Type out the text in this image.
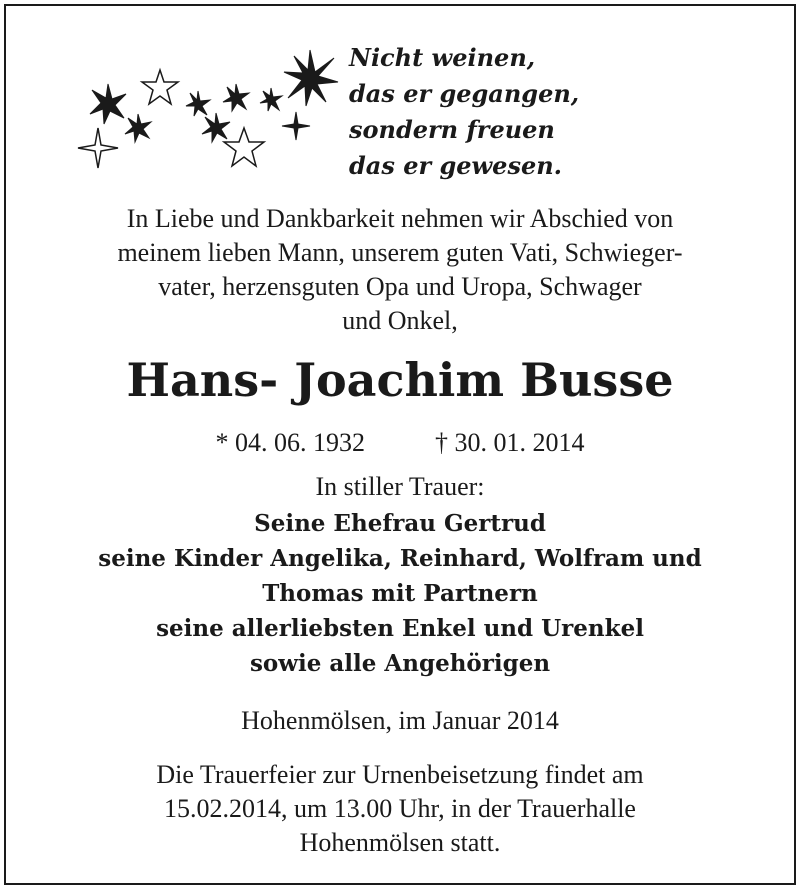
Nicht weinen,
das er gegangen,
sondern freuen
das er gewesen.
In Liebe und Dankbarkeit nehmen wir Abschied von
meinem lieben Mann, unserem guten Vati, Schwieger-
vater, herzensguten Opa und Uropa, Schwager
und Onkel,
Hans- Joachim Busse
* 04. 06. 1932	† 30. 01. 2014
In stiller Trauer:
Seine Ehefrau Gertrud
seine Kinder Angelika, Reinhard, Wolfram und
Thomas mit Partnern
seine allerliebsten Enkel und Urenkel
sowie alle Angehörigen
Hohenmölsen, im Januar 2014
Die Trauerfeier zur Urnenbeisetzung findet am
15.02.2014, um 13.00 Uhr, in der Trauerhalle
Hohenmölsen statt.
